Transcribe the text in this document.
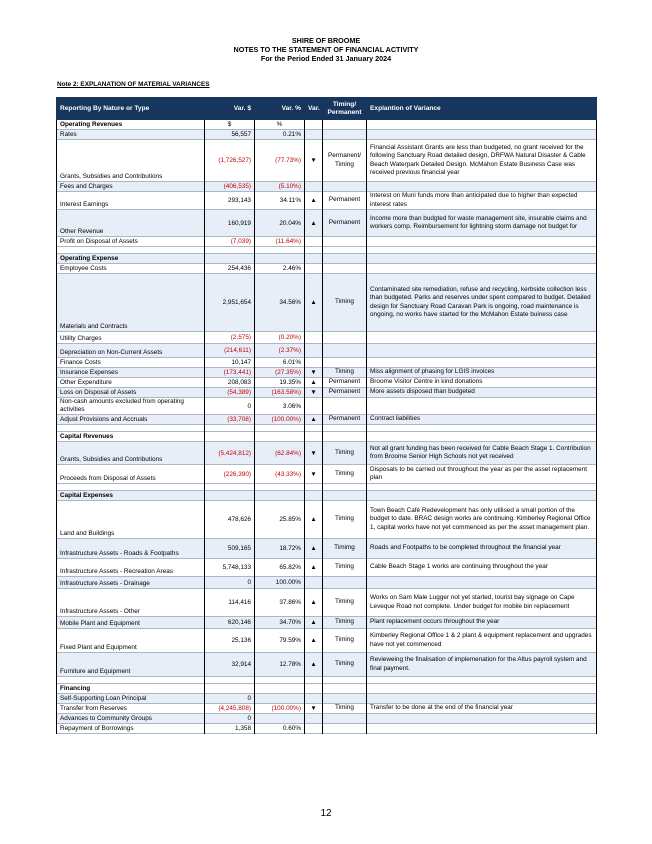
SHIRE OF BROOME
NOTES TO THE STATEMENT OF FINANCIAL ACTIVITY
For the Period Ended 31 January 2024
Note 2: EXPLANATION OF MATERIAL VARIANCES
Reporting By Nature or Type	Var. $	Var. %	Var.	Timing/ Permanent	Explantion of Variance
Operating Revenues	$	%			
Rates	56,557	0.21%			
Grants, Subsidies and Contributions	(1,726,527)	(77.73%)	▼	Permanent/ Timing	Financial Assistant Grants are less than budgeted, no grant received for the following Sanctuary Road detailed design, DRFWA Natural Disaster & Cable Beach Waterpark Detailed Design. McMahon Estate Business Case was received previous financial year
Fees and Charges	(406,535)	(5.10%)			
Interest Earnings	293,143	34.11%	▲	Permanent	Interest on Muni funds more than anticipated due to higher than expected interest rates
Other Revenue	160,919	20.04%	▲	Permanent	Income more than budgted for waste management site, insurable claims and workers comp. Reimbursement for lightning storm damage not budget for
Profit on Disposal of Assets	(7,039)	(11.64%)			

Operating Expense					
Employee Costs	254,436	2.46%			
Materials and Contracts	2,951,654	34.56%	▲	Timing	Contaminated site remediation, refuse and recycling, kerbside collection less than budgeted. Parks and reserves under spent compared to budget. Detailed design for Sanctuary Road Caravan Park is ongoing, road maintenance is ongoing, no works have started for the McMahon Estate buiness case
Utility Charges	(2,575)	(0.20%)			
Depreciation on Non-Current Assets	(214,611)	(2.37%)			
Finance Costs	10,147	6.01%			
Insurance Expenses	(173,441)	(27.35%)	▼	Timing	Miss alignment of phasing for LGIS invoices
Other Expenditure	208,083	19.35%	▲	Permanent	Broome Visitor Centre in kind donations
Loss on Disposal of Assets	(54,389)	(163.58%)	▼	Permanent	More assets disposed than budgeted
Non-cash amounts excluded from operating activities	0	3.06%			
Adjust Provisions and Accruals	(33,708)	(100.00%)	▲	Permanent	Contract liabilities

Capital Revenues					
Grants, Subsidies and Contributions	(5,424,812)	(62.84%)	▼	Timing	Not all grant funding has been received for Cable Beach Stage 1. Contribution from Broome Senior High Schools not yet received
Proceeds from Disposal of Assets	(226,390)	(43.33%)	▼	Timing	Disposals to be carried out throughout the year as per the asset replacement plan

Capital Expenses					
Land and Buildings	478,626	25.85%	▲	Timing	Town Beach Café Redevelopment has only utilised a small portion of the budget to date. BRAC design works are continuing. Kimberley Regional Office 1, capital works have not yet commenced as per the asset management plan.
Infrastructure Assets - Roads & Footpaths	509,165	18.72%	▲	Timimg	Roads and Footpaths to be completed throughout the financial year
Infrastructure Assets - Recreation Areas	5,748,133	65.82%	▲	Timing	Cable Beach Stage 1 works are continuing throughout the year
Infrastructure Assets - Drainage	0	100.00%			
Infrastructure Assets - Other	114,416	37.86%	▲	Timing	Works on Sam Male Lugger not yet started, tourist bay signage on Cape Leveque Road not complete. Under budget for mobile bin replacement
Mobile Plant and Equipment	620,146	34.70%	▲	Timing	Plant replacement occurs throughout the year
Fixed Plant and Equipment	25,136	79.59%	▲	Timing	Kimberley Regional Office 1 & 2 plant & equipment replacement and upgrades have not yet commenced
Furniture and Equipment	32,914	12.78%	▲	Timing	Revieweing the finalisation of implemenation for the Altus payroll system and final payment.

Financing					
Self-Supporting Loan Principal	0				
Transfer from Reserves	(4,245,808)	(100.00%)	▼	Timing	Transfer to be done at the end of the financial year
Advances to Community Groups	0				
Repayment of Borrowings	1,358	0.60%			
12
